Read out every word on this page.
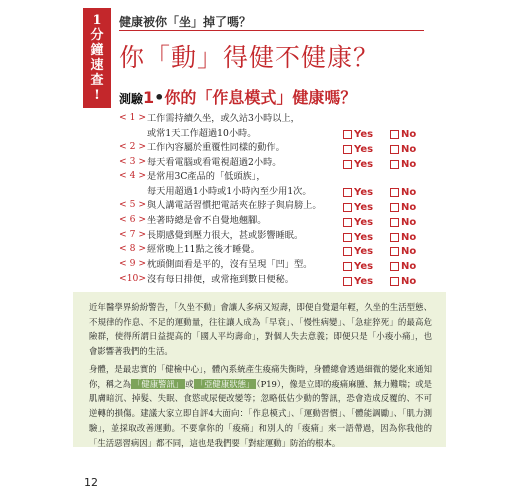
1
分
鐘
速
查
!
健康被你「坐」掉了嗎？
你「動」得健不健康？
測驗1•你的「作息模式」健康嗎？
< 1 > 工作需持續久坐，或久站3小時以上，
或常1天工作超過10小時。	Yes	No
< 2 > 工作內容屬於重覆性同樣的動作。	Yes	No
< 3 > 每天看電腦或看電視超過2小時。	Yes	No
< 4 > 是常用3C產品的「低頭族」，
每天用超過1小時或1小時內至少用1次。	Yes	No
< 5 > 與人講電話習慣把電話夾在脖子與肩膀上。	Yes	No
< 6 > 坐著時總是會不自覺地翹腳。	Yes	No
< 7 > 長期感覺到壓力很大，甚或影響睡眠。	Yes	No
< 8 > 經常晚上11點之後才睡覺。	Yes	No
< 9 > 枕頭側面看是平的，沒有呈現「凹」型。	Yes	No
<10> 沒有每日排便，或常拖到數日便秘。	Yes	No
近年醫學界紛紛警告，「久坐不動」會讓人多病又短壽，即便自覺還年輕，久坐的生活型態、不規律的作息、不足的運動量，往往讓人成為「早衰」、「慢性病變」、「急症猝死」的最高危險群，使得所謂日益提高的「國人平均壽命」，對個人失去意義；即便只是「小痠小痛」，也會影響著我們的生活。
身體，是最忠實的「健檢中心」，體內系統產生痠痛失衡時，身體總會透過細微的變化來通知你，稱之為 「健康警訊」 或 「亞健康狀態」 （P19），像是立即的痠痛麻腫、無力難喘；或是肌膚暗沉、掉髮、失眠、食慾或尿便改變等；忽略低估少動的警訊，恐會造成反覆的、不可逆轉的損傷。建議大家立即自評4大面向：「作息模式」、「運動習慣」、「體能調勵」、「肌力測驗」，並採取改善運動。不要拿你的「痠痛」和別人的「痠痛」來一語帶過，因為你我他的「生活惡習病因」都不同，這也是我們要「對症運動」防治的根本。
12
